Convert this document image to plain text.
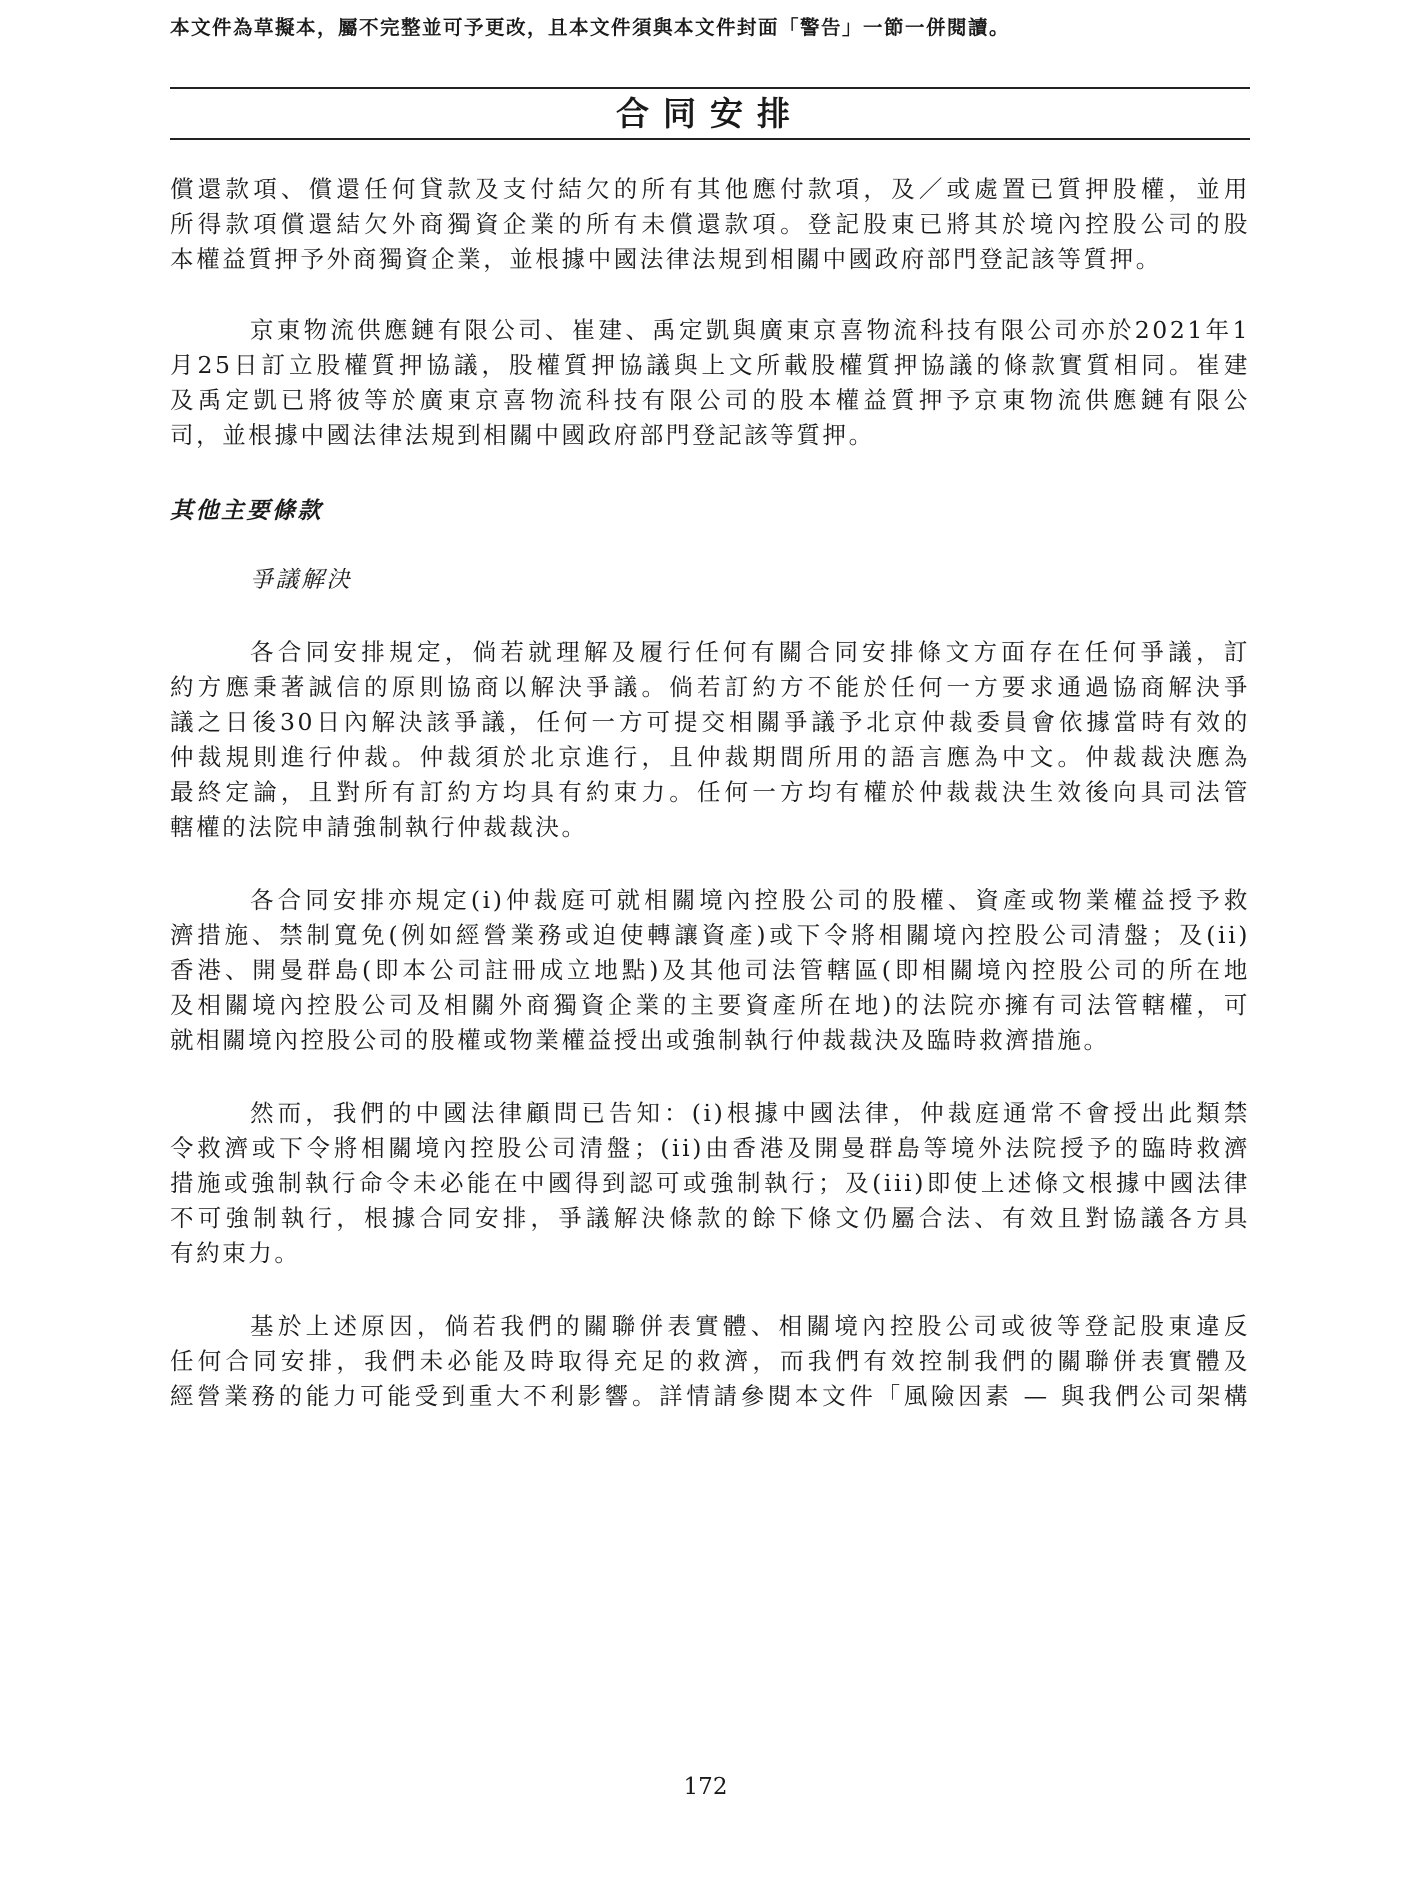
本文件為草擬本，屬不完整並可予更改，且本文件須與本文件封面「警告」一節一併閱讀。
合同安排
償還款項、償還任何貸款及支付結欠的所有其他應付款項，及／或處置已質押股權，並用
所得款項償還結欠外商獨資企業的所有未償還款項。登記股東已將其於境內控股公司的股
本權益質押予外商獨資企業，並根據中國法律法規到相關中國政府部門登記該等質押。
京東物流供應鏈有限公司、崔建、禹定凱與廣東京喜物流科技有限公司亦於2021年1
月25日訂立股權質押協議，股權質押協議與上文所載股權質押協議的條款實質相同。崔建
及禹定凱已將彼等於廣東京喜物流科技有限公司的股本權益質押予京東物流供應鏈有限公
司，並根據中國法律法規到相關中國政府部門登記該等質押。
其他主要條款
爭議解決
各合同安排規定，倘若就理解及履行任何有關合同安排條文方面存在任何爭議，訂
約方應秉著誠信的原則協商以解決爭議。倘若訂約方不能於任何一方要求通過協商解決爭
議之日後30日內解決該爭議，任何一方可提交相關爭議予北京仲裁委員會依據當時有效的
仲裁規則進行仲裁。仲裁須於北京進行，且仲裁期間所用的語言應為中文。仲裁裁決應為
最終定論，且對所有訂約方均具有約束力。任何一方均有權於仲裁裁決生效後向具司法管
轄權的法院申請強制執行仲裁裁決。
各合同安排亦規定(i)仲裁庭可就相關境內控股公司的股權、資產或物業權益授予救
濟措施、禁制寬免(例如經營業務或迫使轉讓資產)或下令將相關境內控股公司清盤；及(ii)
香港、開曼群島(即本公司註冊成立地點)及其他司法管轄區(即相關境內控股公司的所在地
及相關境內控股公司及相關外商獨資企業的主要資產所在地)的法院亦擁有司法管轄權，可
就相關境內控股公司的股權或物業權益授出或強制執行仲裁裁決及臨時救濟措施。
然而，我們的中國法律顧問已告知：(i)根據中國法律，仲裁庭通常不會授出此類禁
令救濟或下令將相關境內控股公司清盤；(ii)由香港及開曼群島等境外法院授予的臨時救濟
措施或強制執行命令未必能在中國得到認可或強制執行；及(iii)即使上述條文根據中國法律
不可強制執行，根據合同安排，爭議解決條款的餘下條文仍屬合法、有效且對協議各方具
有約束力。
基於上述原因，倘若我們的關聯併表實體、相關境內控股公司或彼等登記股東違反
任何合同安排，我們未必能及時取得充足的救濟，而我們有效控制我們的關聯併表實體及
經營業務的能力可能受到重大不利影響。詳情請參閱本文件「風險因素 — 與我們公司架構
172
